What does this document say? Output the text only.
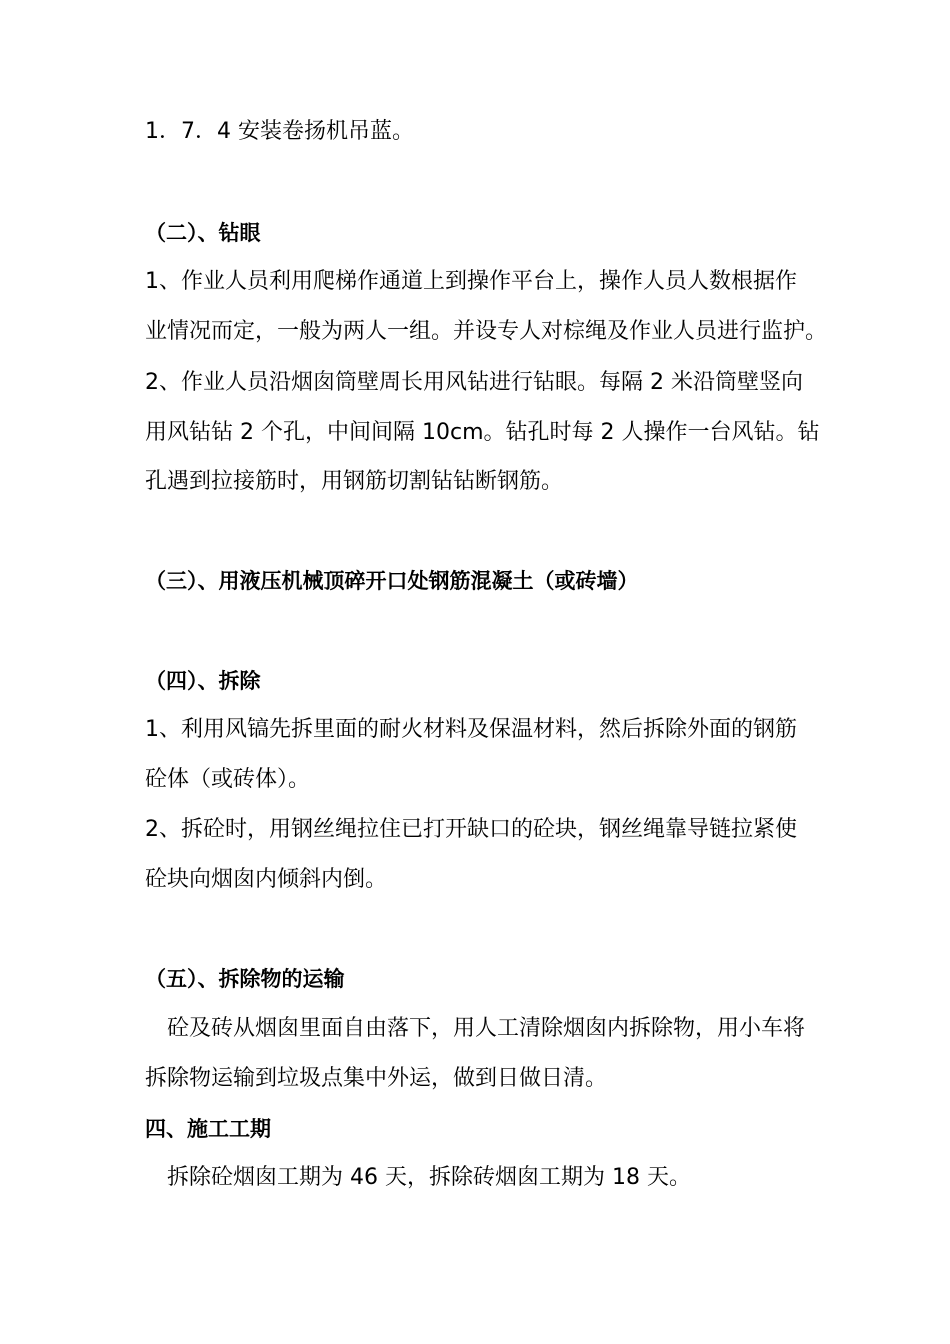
1．7．4 安装卷扬机吊蓝。
（二）、钻眼
1、作业人员利用爬梯作通道上到操作平台上，操作人员人数根据作
业情况而定，一般为两人一组。并设专人对棕绳及作业人员进行监护。
2、作业人员沿烟囱筒壁周长用风钻进行钻眼。每隔 2 米沿筒壁竖向
用风钻钻 2 个孔，中间间隔 10cm。钻孔时每 2 人操作一台风钻。钻
孔遇到拉接筋时，用钢筋切割钻钻断钢筋。
（三）、用液压机械顶碎开口处钢筋混凝土（或砖墙）
（四）、拆除
1、利用风镐先拆里面的耐火材料及保温材料，然后拆除外面的钢筋
砼体（或砖体）。
2、拆砼时，用钢丝绳拉住已打开缺口的砼块，钢丝绳靠导链拉紧使
砼块向烟囱内倾斜内倒。
（五）、拆除物的运输
砼及砖从烟囱里面自由落下，用人工清除烟囱内拆除物，用小车将
拆除物运输到垃圾点集中外运，做到日做日清。
四、施工工期
拆除砼烟囱工期为 46 天，拆除砖烟囱工期为 18 天。
